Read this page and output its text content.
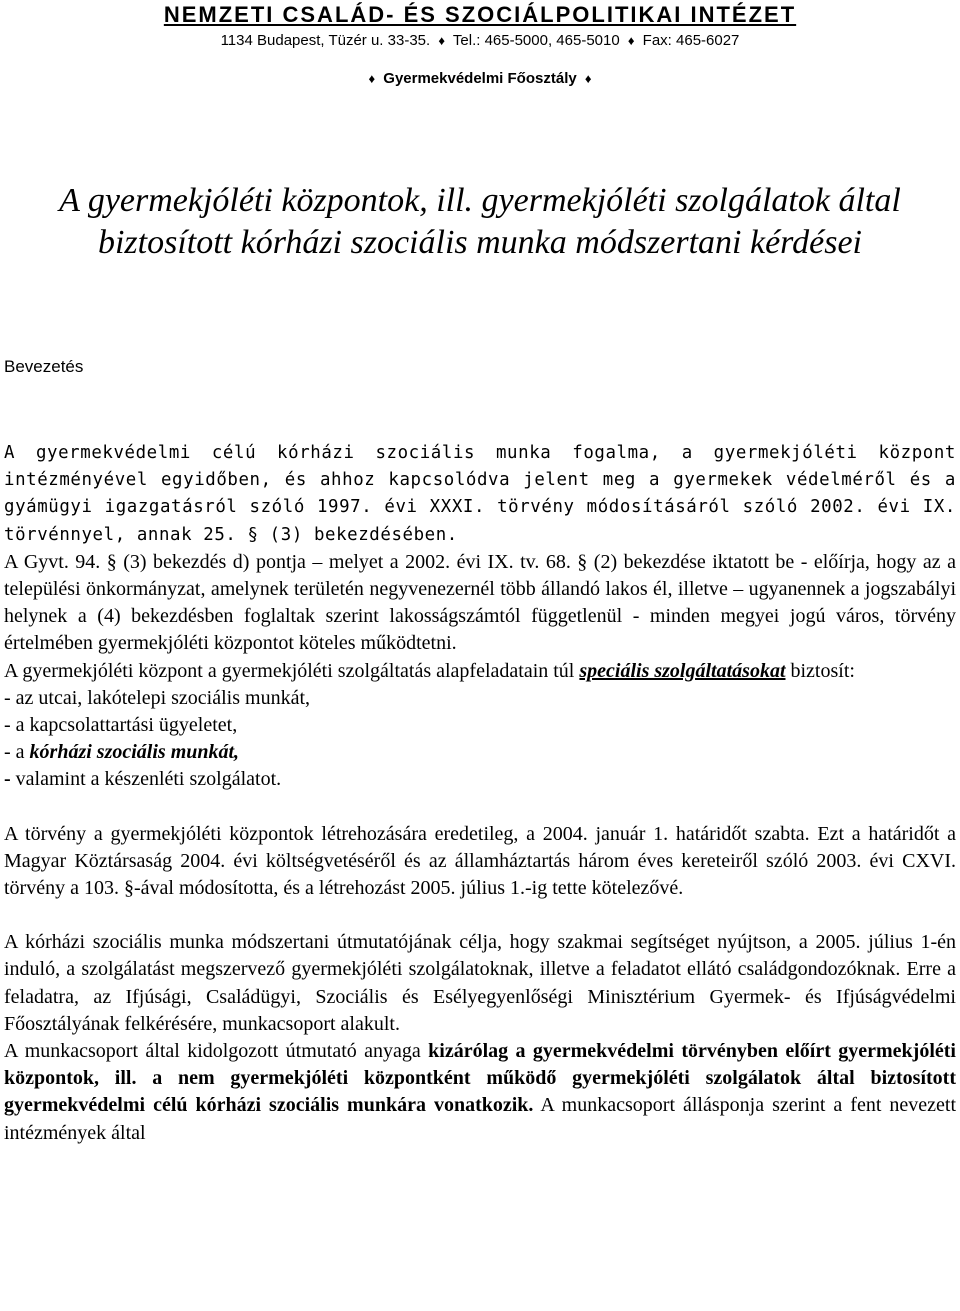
NEMZETI CSALÁD- ÉS SZOCIÁLPOLITIKAI INTÉZET
1134 Budapest, Tüzér u. 33-35. ♦ Tel.: 465-5000, 465-5010 ♦ Fax: 465-6027
♦ Gyermekvédelmi Főosztály ♦
A gyermekjóléti központok, ill. gyermekjóléti szolgálatok által
biztosított kórházi szociális munka módszertani kérdései
Bevezetés
A gyermekvédelmi célú kórházi szociális munka fogalma, a gyermekjóléti központ intézményével egyidőben, és ahhoz kapcsolódva jelent meg a gyermekek védelméről és a gyámügyi igazgatásról szóló 1997. évi XXXI. törvény módosításáról szóló 2002. évi IX. törvénnyel, annak 25. § (3) bekezdésében.
A Gyvt. 94. § (3) bekezdés d) pontja – melyet a 2002. évi IX. tv. 68. § (2) bekezdése iktatott be - előírja, hogy az a települési önkormányzat, amelynek területén negyvenezernél több állandó lakos él, illetve – ugyanennek a jogszabályi helynek a (4) bekezdésben foglaltak szerint lakosságszámtól függetlenül - minden megyei jogú város, törvény értelmében gyermekjóléti központot köteles működtetni.
A gyermekjóléti központ a gyermekjóléti szolgáltatás alapfeladatain túl speciális szolgáltatásokat biztosít:
- az utcai, lakótelepi szociális munkát,
- a kapcsolattartási ügyeletet,
- a kórházi szociális munkát,
- valamint a készenléti szolgálatot.
A törvény a gyermekjóléti központok létrehozására eredetileg, a 2004. január 1. határidőt szabta. Ezt a határidőt a Magyar Köztársaság 2004. évi költségvetéséről és az államháztartás három éves kereteiről szóló 2003. évi CXVI. törvény a 103. §-ával módosította, és a létrehozást 2005. július 1.-ig tette kötelezővé.
A kórházi szociális munka módszertani útmutatójának célja, hogy szakmai segítséget nyújtson, a 2005. július 1-én induló, a szolgálatást megszervező gyermekjóléti szolgálatoknak, illetve a feladatot ellátó családgondozóknak. Erre a feladatra, az Ifjúsági, Családügyi, Szociális és Esélyegyenlőségi Minisztérium Gyermek- és Ifjúságvédelmi Főosztályának felkérésére, munkacsoport alakult.
A munkacsoport által kidolgozott útmutató anyaga kizárólag a gyermekvédelmi törvényben előírt gyermekjóléti központok, ill. a nem gyermekjóléti központként működő gyermekjóléti szolgálatok által biztosított gyermekvédelmi célú kórházi szociális munkára vonatkozik. A munkacsoport állásponja szerint a fent nevezett intézmények által
